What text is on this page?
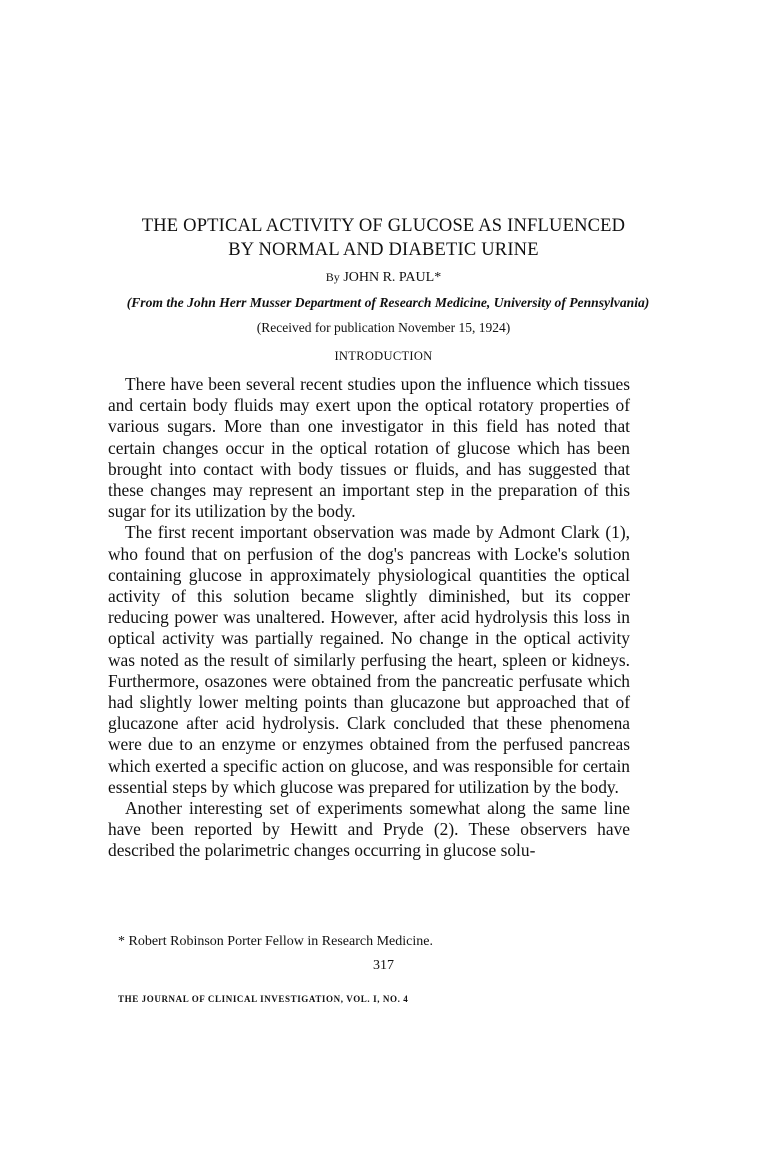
THE OPTICAL ACTIVITY OF GLUCOSE AS INFLUENCED
BY NORMAL AND DIABETIC URINE
By JOHN R. PAUL*
(From the John Herr Musser Department of Research Medicine, University of Pennsylvania)
(Received for publication November 15, 1924)
INTRODUCTION

There have been several recent studies upon the influence which tissues and certain body fluids may exert upon the optical rotatory properties of various sugars. More than one investigator in this field has noted that certain changes occur in the optical rotation of glucose which has been brought into contact with body tissues or fluids, and has suggested that these changes may represent an important step in the preparation of this sugar for its utilization by the body.

The first recent important observation was made by Admont Clark (1), who found that on perfusion of the dog's pancreas with Locke's solution containing glucose in approximately physiological quantities the optical activity of this solution became slightly diminished, but its copper reducing power was unaltered. However, after acid hydrolysis this loss in optical activity was partially regained. No change in the optical activity was noted as the result of similarly perfusing the heart, spleen or kidneys. Furthermore, osazones were obtained from the pancreatic perfusate which had slightly lower melting points than glucazone but approached that of glucazone after acid hydrolysis. Clark concluded that these phenomena were due to an enzyme or enzymes obtained from the perfused pancreas which exerted a specific action on glucose, and was responsible for certain essential steps by which glucose was prepared for utilization by the body.

Another interesting set of experiments somewhat along the same line have been reported by Hewitt and Pryde (2). These observers have described the polarimetric changes occurring in glucose solu-

* Robert Robinson Porter Fellow in Research Medicine.
317
THE JOURNAL OF CLINICAL INVESTIGATION, VOL. I, NO. 4
